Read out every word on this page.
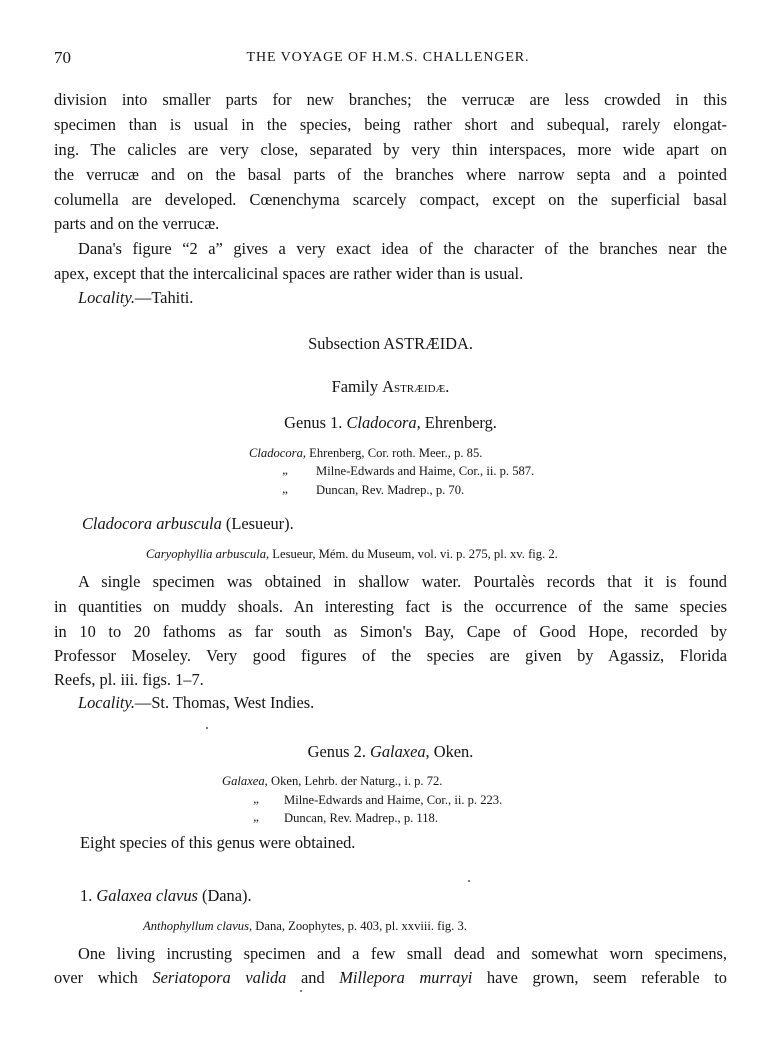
70	THE VOYAGE OF H.M.S. CHALLENGER.
division into smaller parts for new branches; the verrucæ are less crowded in this
specimen than is usual in the species, being rather short and subequal, rarely elongat-
ing. The calicles are very close, separated by very thin interspaces, more wide apart on
the verrucæ and on the basal parts of the branches where narrow septa and a pointed
columella are developed. Cœnenchyma scarcely compact, except on the superficial basal
parts and on the verrucæ.
Dana's figure “2 a” gives a very exact idea of the character of the branches near the
apex, except that the intercalicinal spaces are rather wider than is usual.
Locality.—Tahiti.
Subsection ASTRÆIDA.
Family Astræidæ.
Genus 1. Cladocora, Ehrenberg.
Cladocora, Ehrenberg, Cor. roth. Meer., p. 85.
„	Milne-Edwards and Haime, Cor., ii. p. 587.
„	Duncan, Rev. Madrep., p. 70.
Cladocora arbuscula (Lesueur).
Caryophyllia arbuscula, Lesueur, Mém. du Museum, vol. vi. p. 275, pl. xv. fig. 2.
A single specimen was obtained in shallow water. Pourtalès records that it is found
in quantities on muddy shoals. An interesting fact is the occurrence of the same species
in 10 to 20 fathoms as far south as Simon's Bay, Cape of Good Hope, recorded by
Professor Moseley. Very good figures of the species are given by Agassiz, Florida
Reefs, pl. iii. figs. 1–7.
Locality.—St. Thomas, West Indies.
Genus 2. Galaxea, Oken.
Galaxea, Oken, Lehrb. der Naturg., i. p. 72.
„	Milne-Edwards and Haime, Cor., ii. p. 223.
„	Duncan, Rev. Madrep., p. 118.
Eight species of this genus were obtained.
1. Galaxea clavus (Dana).
Anthophyllum clavus, Dana, Zoophytes, p. 403, pl. xxviii. fig. 3.
One living incrusting specimen and a few small dead and somewhat worn specimens,
over which Seriatopora valida and Millepora murrayi have grown, seem referable to
